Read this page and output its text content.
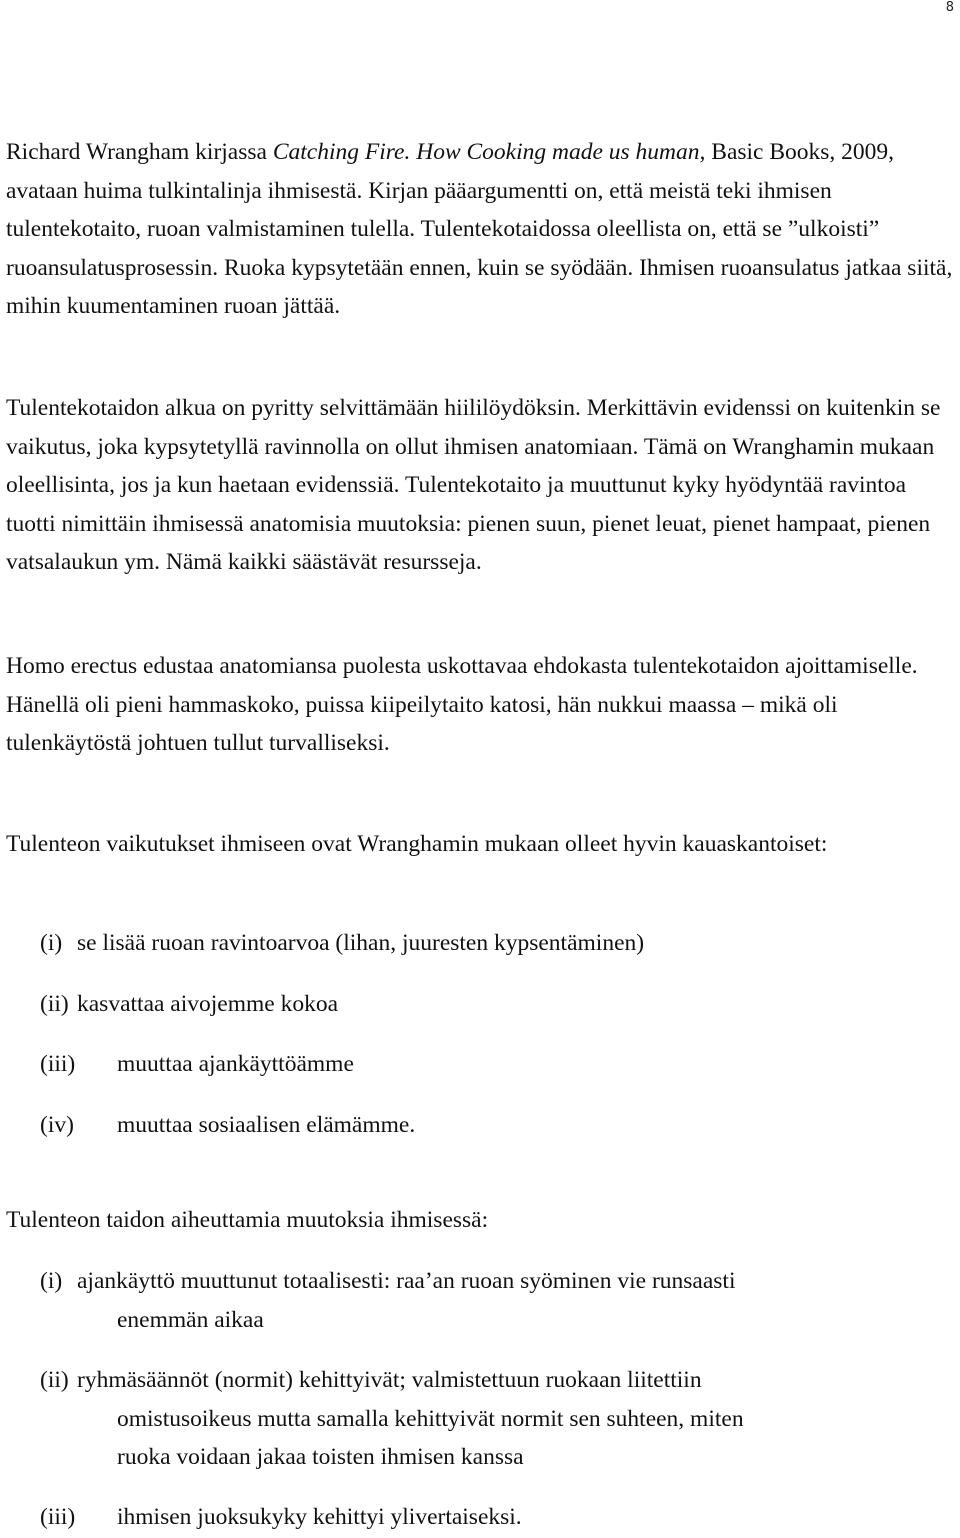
8

Richard Wrangham kirjassa Catching Fire. How Cooking made us human, Basic Books, 2009, avataan huima tulkintalinja ihmisestä. Kirjan pääargumentti on, että meistä teki ihmisen tulentekotaito, ruoan valmistaminen tulella. Tulentekotaidossa oleellista on, että se ”ulkoisti” ruoansulatusprosessin. Ruoka kypsytetään ennen, kuin se syödään. Ihmisen ruoansulatus jatkaa siitä, mihin kuumentaminen ruoan jättää.

Tulentekotaidon alkua on pyritty selvittämään hiililöydöksin. Merkittävin evidenssi on kuitenkin se vaikutus, joka kypsytetyllä ravinnolla on ollut ihmisen anatomiaan. Tämä on Wranghamin mukaan oleellisinta, jos ja kun haetaan evidenssiä. Tulentekotaito ja muuttunut kyky hyödyntää ravintoa tuotti nimittäin ihmisessä anatomisia muutoksia: pienen suun, pienet leuat, pienet hampaat, pienen vatsalaukun ym. Nämä kaikki säästävät resursseja.

Homo erectus edustaa anatomiansa puolesta uskottavaa ehdokasta tulentekotaidon ajoittamiselle. Hänellä oli pieni hammaskoko, puissa kiipeilytaito katosi, hän nukkui maassa – mikä oli tulenkäytöstä johtuen tullut turvalliseksi.

Tulenteon vaikutukset ihmiseen ovat Wranghamin mukaan olleet hyvin kauaskantoiset:

(i) se lisää ruoan ravintoarvoa (lihan, juuresten kypsentäminen)
(ii) kasvattaa aivojemme kokoa
(iii) muuttaa ajankäyttöämme
(iv) muuttaa sosiaalisen elämämme.

Tulenteon taidon aiheuttamia muutoksia ihmisessä:

(i) ajankäyttö muuttunut totaalisesti: raa’an ruoan syöminen vie runsaasti
enemmän aikaa
(ii) ryhmäsäännöt (normit) kehittyivät; valmistettuun ruokaan liitettiin
omistusoikeus mutta samalla kehittyivät normit sen suhteen, miten
ruoka voidaan jakaa toisten ihmisen kanssa
(iii) ihmisen juoksukyky kehittyi ylivertaiseksi.
